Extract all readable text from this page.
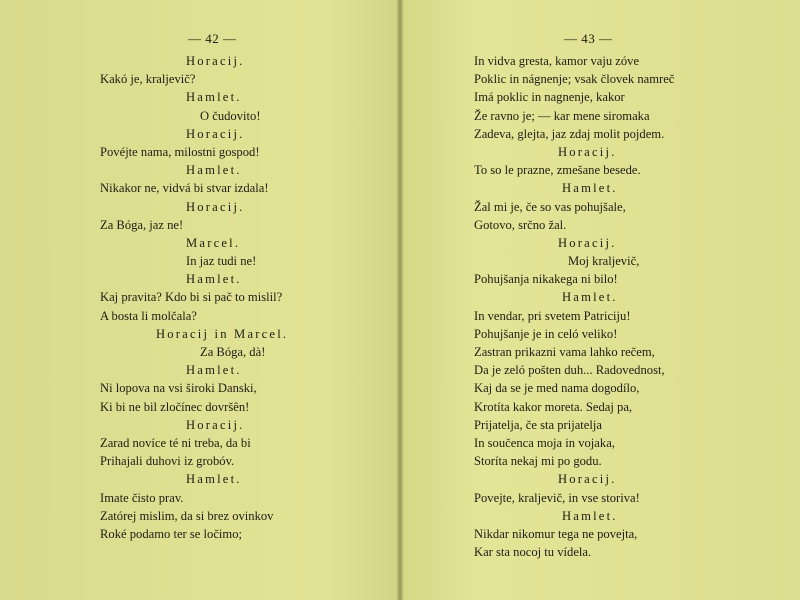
— 42 —
Horacij.
Kakó je, kraljevič?
Hamlet.
O čudovito!
Horacij.
Povéjte nama, milostni gospod!
Hamlet.
Nikakor ne, vidvá bi stvar izdala!
Horacij.
Za Bóga, jaz ne!
Marcel.
In jaz tudi ne!
Hamlet.
Kaj pravita? Kdo bi si pač to mislil?
A bosta li molčala?
Horacij in Marcel.
Za Bóga, dà!
Hamlet.
Ni lopova na vsi široki Danski,
Ki bi ne bil zločínec dovršên!
Horacij.
Zarad novíce té ni treba, da bi
Prihajali duhovi iz grobóv.
Hamlet.
Imate čisto prav.
Zatórej mislim, da si brez ovinkov
Roké podamo ter se ločimo;
— 43 —
In vidva gresta, kamor vaju zóve
Poklic in nágnenje; vsak človek namreč
Imá poklic in nagnenje, kakor
Že ravno je; — kar mene siromaka
Zadeva, glejta, jaz zdaj molit pojdem.
Horacij.
To so le prazne, zmešane besede.
Hamlet.
Žal mi je, če so vas pohujšale,
Gotovo, srčno žal.
Horacij.
Moj kraljevič,
Pohujšanja nikakega ni bilo!
Hamlet.
In vendar, pri svetem Patriciju!
Pohujšanje je in celó veliko!
Zastran prikazni vama lahko rečem,
Da je zeló pošten duh... Radovednost,
Kaj da se je med nama dogodílo,
Krotíta kakor moreta. Sedaj pa,
Prijatelja, če sta prijatelja
In součenca moja in vojaka,
Storíta nekaj mi po godu.
Horacij.
Povejte, kraljevič, in vse storiva!
Hamlet.
Nikdar nikomur tega ne povejta,
Kar sta nocoj tu vídela.
